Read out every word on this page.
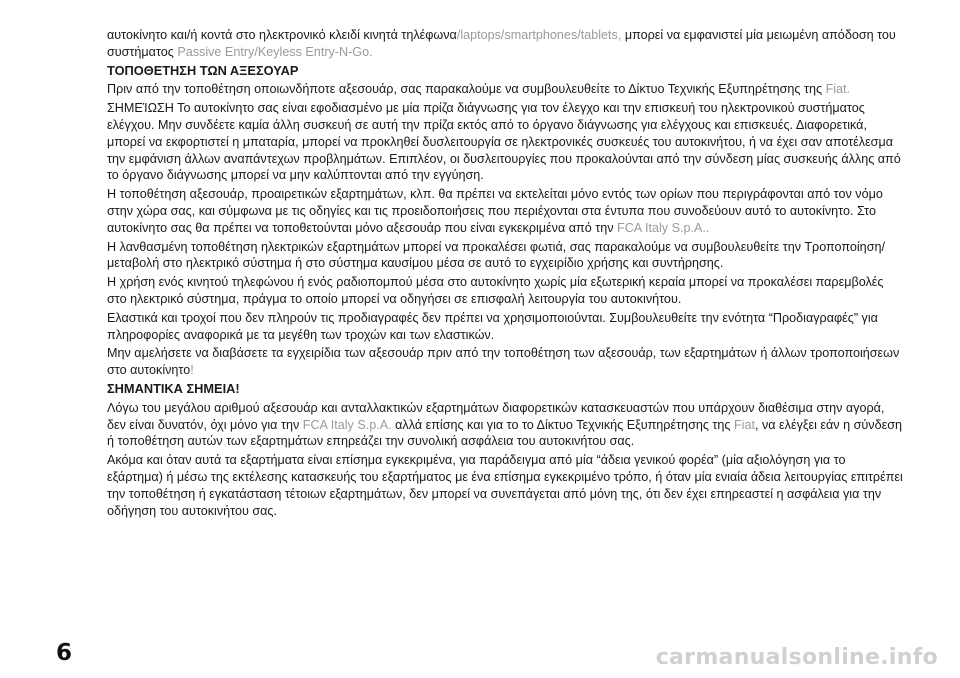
αυτοκίνητο και/ή κοντά στο ηλεκτρονικό κλειδί κινητά τηλέφωνα/laptops/smartphones/tablets, μπορεί να εμφανιστεί μία μειωμένη απόδοση του συστήματος Passive Entry/Keyless Entry-N-Go.

ΤΟΠΟΘΕΤΗΣΗ ΤΩΝ ΑΞΕΣΟΥΑΡ

Πριν από την τοποθέτηση οποιωνδήποτε αξεσουάρ, σας παρακαλούμε να συμβουλευθείτε το Δίκτυο Τεχνικής Εξυπηρέτησης της Fiat.

ΣΗΜΕΊΩΣΗ Το αυτοκίνητο σας είναι εφοδιασμένο με μία πρίζα διάγνωσης για τον έλεγχο και την επισκευή του ηλεκτρονικού συστήματος ελέγχου. Μην συνδέετε καμία άλλη συσκευή σε αυτή την πρίζα εκτός από το όργανο διάγνωσης για ελέγχους και επισκευές. Διαφορετικά, μπορεί να εκφορτιστεί η μπαταρία, μπορεί να προκληθεί δυσλειτουργία σε ηλεκτρονικές συσκευές του αυτοκινήτου, ή να έχει σαν αποτέλεσμα την εμφάνιση άλλων αναπάντεχων προβλημάτων. Επιπλέον, οι δυσλειτουργίες που προκαλούνται από την σύνδεση μίας συσκευής άλλης από το όργανο διάγνωσης μπορεί να μην καλύπτονται από την εγγύηση.

Η τοποθέτηση αξεσουάρ, προαιρετικών εξαρτημάτων, κλπ. θα πρέπει να εκτελείται μόνο εντός των ορίων που περιγράφονται από τον νόμο στην χώρα σας, και σύμφωνα με τις οδηγίες και τις προειδοποιήσεις που περιέχονται στα έντυπα που συνοδεύουν αυτό το αυτοκίνητο. Στο αυτοκίνητο σας θα πρέπει να τοποθετούνται μόνο αξεσουάρ που είναι εγκεκριμένα από την FCA Italy S.p.A..

Η λανθασμένη τοποθέτηση ηλεκτρικών εξαρτημάτων μπορεί να προκαλέσει φωτιά, σας παρακαλούμε να συμβουλευθείτε την Τροποποίηση/ μεταβολή στο ηλεκτρικό σύστημα ή στο σύστημα καυσίμου μέσα σε αυτό το εγχειρίδιο χρήσης και συντήρησης.

Η χρήση ενός κινητού τηλεφώνου ή ενός ραδιοπομπού μέσα στο αυτοκίνητο χωρίς μία εξωτερική κεραία μπορεί να προκαλέσει παρεμβολές στο ηλεκτρικό σύστημα, πράγμα το οποίο μπορεί να οδηγήσει σε επισφαλή λειτουργία του αυτοκινήτου.

Ελαστικά και τροχοί που δεν πληρούν τις προδιαγραφές δεν πρέπει να χρησιμοποιούνται. Συμβουλευθείτε την ενότητα “Προδιαγραφές” για πληροφορίες αναφορικά με τα μεγέθη των τροχών και των ελαστικών.

Μην αμελήσετε να διαβάσετε τα εγχειρίδια των αξεσουάρ πριν από την τοποθέτηση των αξεσουάρ, των εξαρτημάτων ή άλλων τροποποιήσεων στο αυτοκίνητο!

ΣΗΜΑΝΤΙΚΑ ΣΗΜΕΙΑ!

Λόγω του μεγάλου αριθμού αξεσουάρ και ανταλλακτικών εξαρτημάτων διαφορετικών κατασκευαστών που υπάρχουν διαθέσιμα στην αγορά, δεν είναι δυνατόν, όχι μόνο για την FCA Italy S.p.A. αλλά επίσης και για το το Δίκτυο Τεχνικής Εξυπηρέτησης της Fiat, να ελέγξει εάν η σύνδεση ή τοποθέτηση αυτών των εξαρτημάτων επηρεάζει την συνολική ασφάλεια του αυτοκινήτου σας.

Ακόμα και όταν αυτά τα εξαρτήματα είναι επίσημα εγκεκριμένα, για παράδειγμα από μία “άδεια γενικού φορέα” (μία αξιολόγηση για το εξάρτημα) ή μέσω της εκτέλεσης κατασκευής του εξαρτήματος με ένα επίσημα εγκεκριμένο τρόπο, ή όταν μία ενιαία άδεια λειτουργίας επιτρέπει την τοποθέτηση ή εγκατάσταση τέτοιων εξαρτημάτων, δεν μπορεί να συνεπάγεται από μόνη της, ότι δεν έχει επηρεαστεί η ασφάλεια για την οδήγηση του αυτοκινήτου σας.

6	carmanualsonline.info
